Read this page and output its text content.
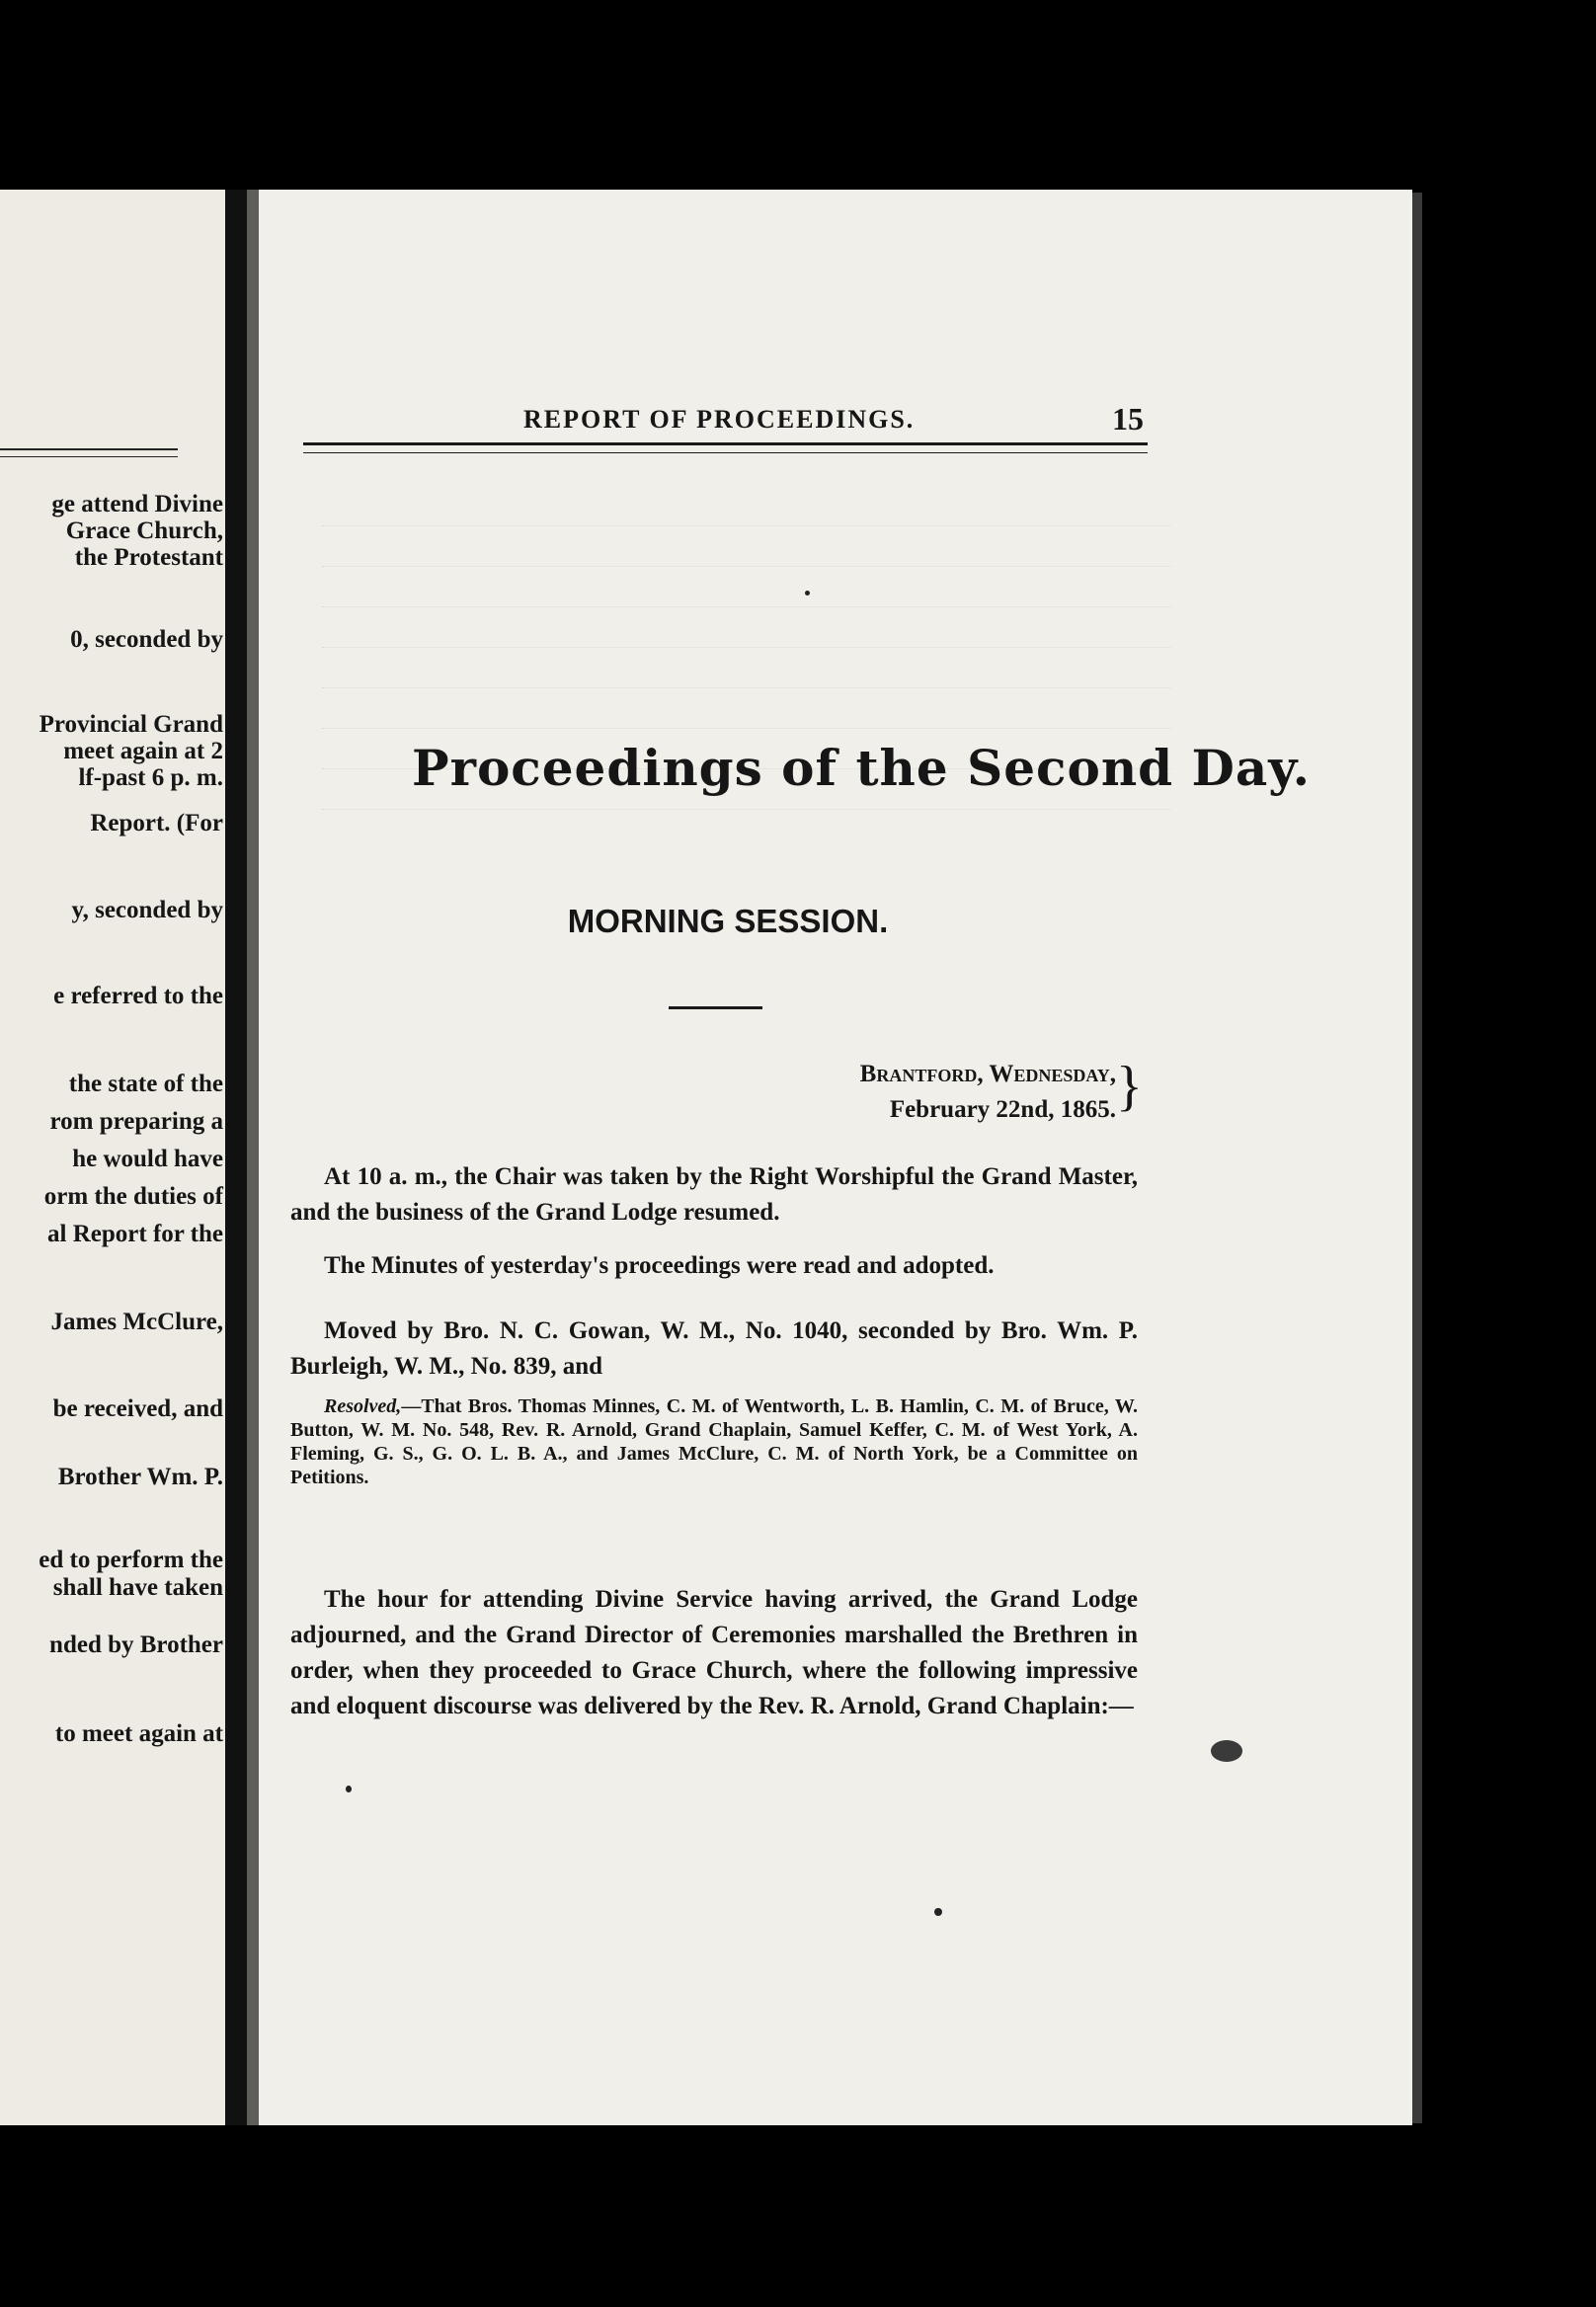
ge attend Divine
Grace Church,
the Protestant
0, seconded by
Provincial Grand
meet again at 2
lf-past 6 p. m.
Report. (For
y, seconded by
e referred to the
the state of the
rom preparing a
he would have
orm the duties of
al Report for the
James McClure,
be received, and
Brother Wm. P.
ed to perform the
shall have taken
nded by Brother
to meet again at
REPORT OF PROCEEDINGS.	15
Proceedings of the Second Day.
MORNING SESSION.
Brantford, Wednesday,
February 22nd, 1865. }
At 10 a. m., the Chair was taken by the Right Worshipful the Grand Master, and the business of the Grand Lodge resumed.
The Minutes of yesterday's proceedings were read and adopted.
Moved by Bro. N. C. Gowan, W. M., No. 1040, seconded by Bro. Wm. P. Burleigh, W. M., No. 839, and
Resolved,—That Bros. Thomas Minnes, C. M. of Wentworth, L. B. Hamlin, C. M. of Bruce, W. Button, W. M. No. 548, Rev. R. Arnold, Grand Chaplain, Samuel Keffer, C. M. of West York, A. Fleming, G. S., G. O. L. B. A., and James McClure, C. M. of North York, be a Committee on Petitions.
The hour for attending Divine Service having arrived, the Grand Lodge adjourned, and the Grand Director of Ceremonies marshalled the Brethren in order, when they proceeded to Grace Church, where the following impressive and eloquent discourse was delivered by the Rev. R. Arnold, Grand Chaplain:—
